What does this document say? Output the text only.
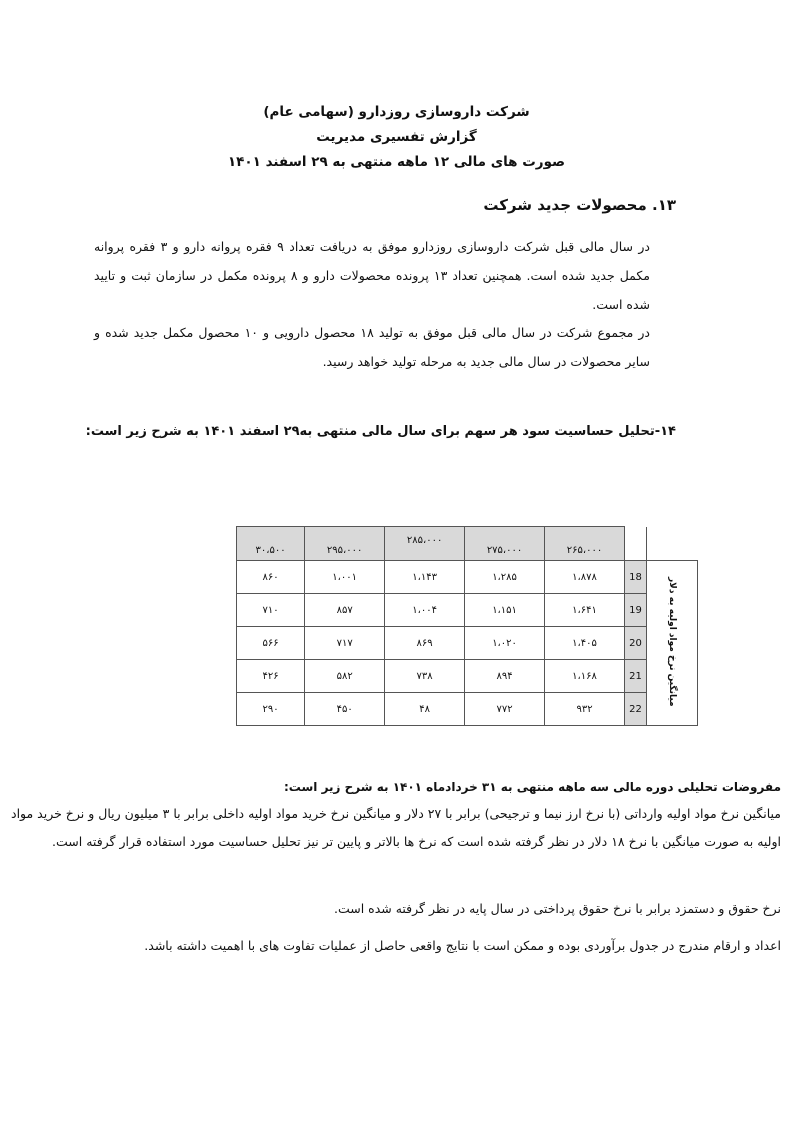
شرکت داروسازی روزدارو (سهامی عام)
گزارش تفسیری مدیریت
صورت های مالی ۱۲ ماهه منتهی به ۲۹ اسفند ۱۴۰۱
۱۳. محصولات جدید شرکت
در سال مالی قبل شرکت داروسازی روزدارو موفق به دریافت تعداد ۹ فقره پروانه دارو و ۳ فقره پروانه مکمل جدید شده است. همچنین تعداد ۱۳ پرونده محصولات دارو و ۸ پرونده مکمل در سازمان ثبت و تایید شده است.
در مجموع شرکت در سال مالی قبل موفق به تولید ۱۸ محصول دارویی و ۱۰ محصول مکمل جدید شده و سایر محصولات در سال مالی جدید به مرحله تولید خواهد رسید.
۱۴-تحلیل حساسیت سود هر سهم برای سال مالی منتهی به۲۹ اسفند ۱۴۰۱ به شرح زیر است:
۳۰،۵۰۰	۲۹۵،۰۰۰	۲۸۵،۰۰۰	۲۷۵،۰۰۰	۲۶۵،۰۰۰		
۸۶۰	۱،۰۰۱	۱،۱۴۳	۱،۲۸۵	۱،۸۷۸	18	میانگین نرخ مواد اولیه به دلار
۷۱۰	۸۵۷	۱،۰۰۴	۱،۱۵۱	۱،۶۴۱	19	
۵۶۶	۷۱۷	۸۶۹	۱،۰۲۰	۱،۴۰۵	20	
۴۲۶	۵۸۲	۷۳۸	۸۹۴	۱،۱۶۸	21	
۲۹۰	۴۵۰	۴۸	۷۷۲	۹۳۲	22	
مفروضات تحلیلی دوره مالی سه ماهه منتهی به ۳۱ خردادماه ۱۴۰۱ به شرح زیر است:
میانگین نرخ مواد اولیه وارداتی (با نرخ ارز نیما و ترجیحی) برابر با ۲۷ دلار و میانگین نرخ خرید مواد اولیه داخلی برابر با ۳ میلیون ریال و نرخ خرید مواد اولیه به صورت میانگین با نرخ ۱۸ دلار در نظر گرفته شده است که نرخ ها بالاتر و پایین تر نیز تحلیل حساسیت مورد استفاده قرار گرفته است.
نرخ حقوق و دستمزد برابر با نرخ حقوق پرداختی در سال پایه در نظر گرفته شده است.
اعداد و ارقام مندرج در جدول برآوردی بوده و ممکن است با نتایج واقعی حاصل از عملیات تفاوت های با اهمیت داشته باشد.
